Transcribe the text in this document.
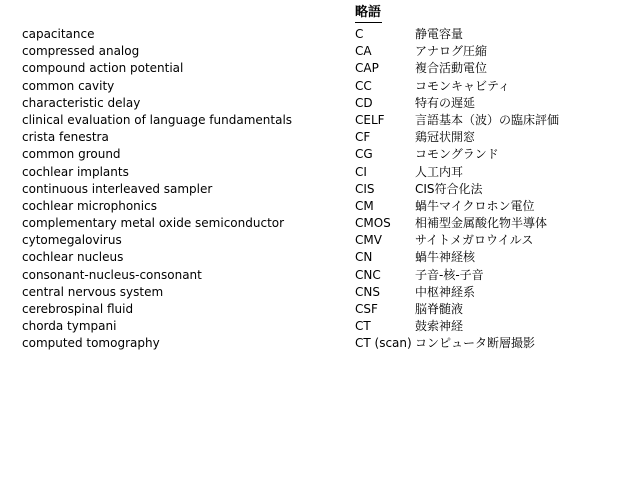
略語
capacitance	C	静電容量
compressed analog	CA	アナログ圧縮
compound action potential	CAP	複合活動電位
common cavity	CC	コモンキャビティ
characteristic delay	CD	特有の遅延
clinical evaluation of language fundamentals	CELF	言語基本（波）の臨床評価
crista fenestra	CF	鶏冠状開窓
common ground	CG	コモングランド
cochlear implants	CI	人工内耳
continuous interleaved sampler	CIS	CIS符合化法
cochlear microphonics	CM	蝸牛マイクロホン電位
complementary metal oxide semiconductor	CMOS 相補型金属酸化物半導体
cytomegalovirus	CMV	サイトメガロウイルス
cochlear nucleus	CN	蝸牛神経核
consonant-nucleus-consonant	CNC	子音-核-子音
central nervous system	CNS	中枢神経系
cerebrospinal fluid	CSF	脳脊髄液
chorda tympani	CT	鼓索神経
computed tomography	CT (scan) コンピュータ断層撮影
